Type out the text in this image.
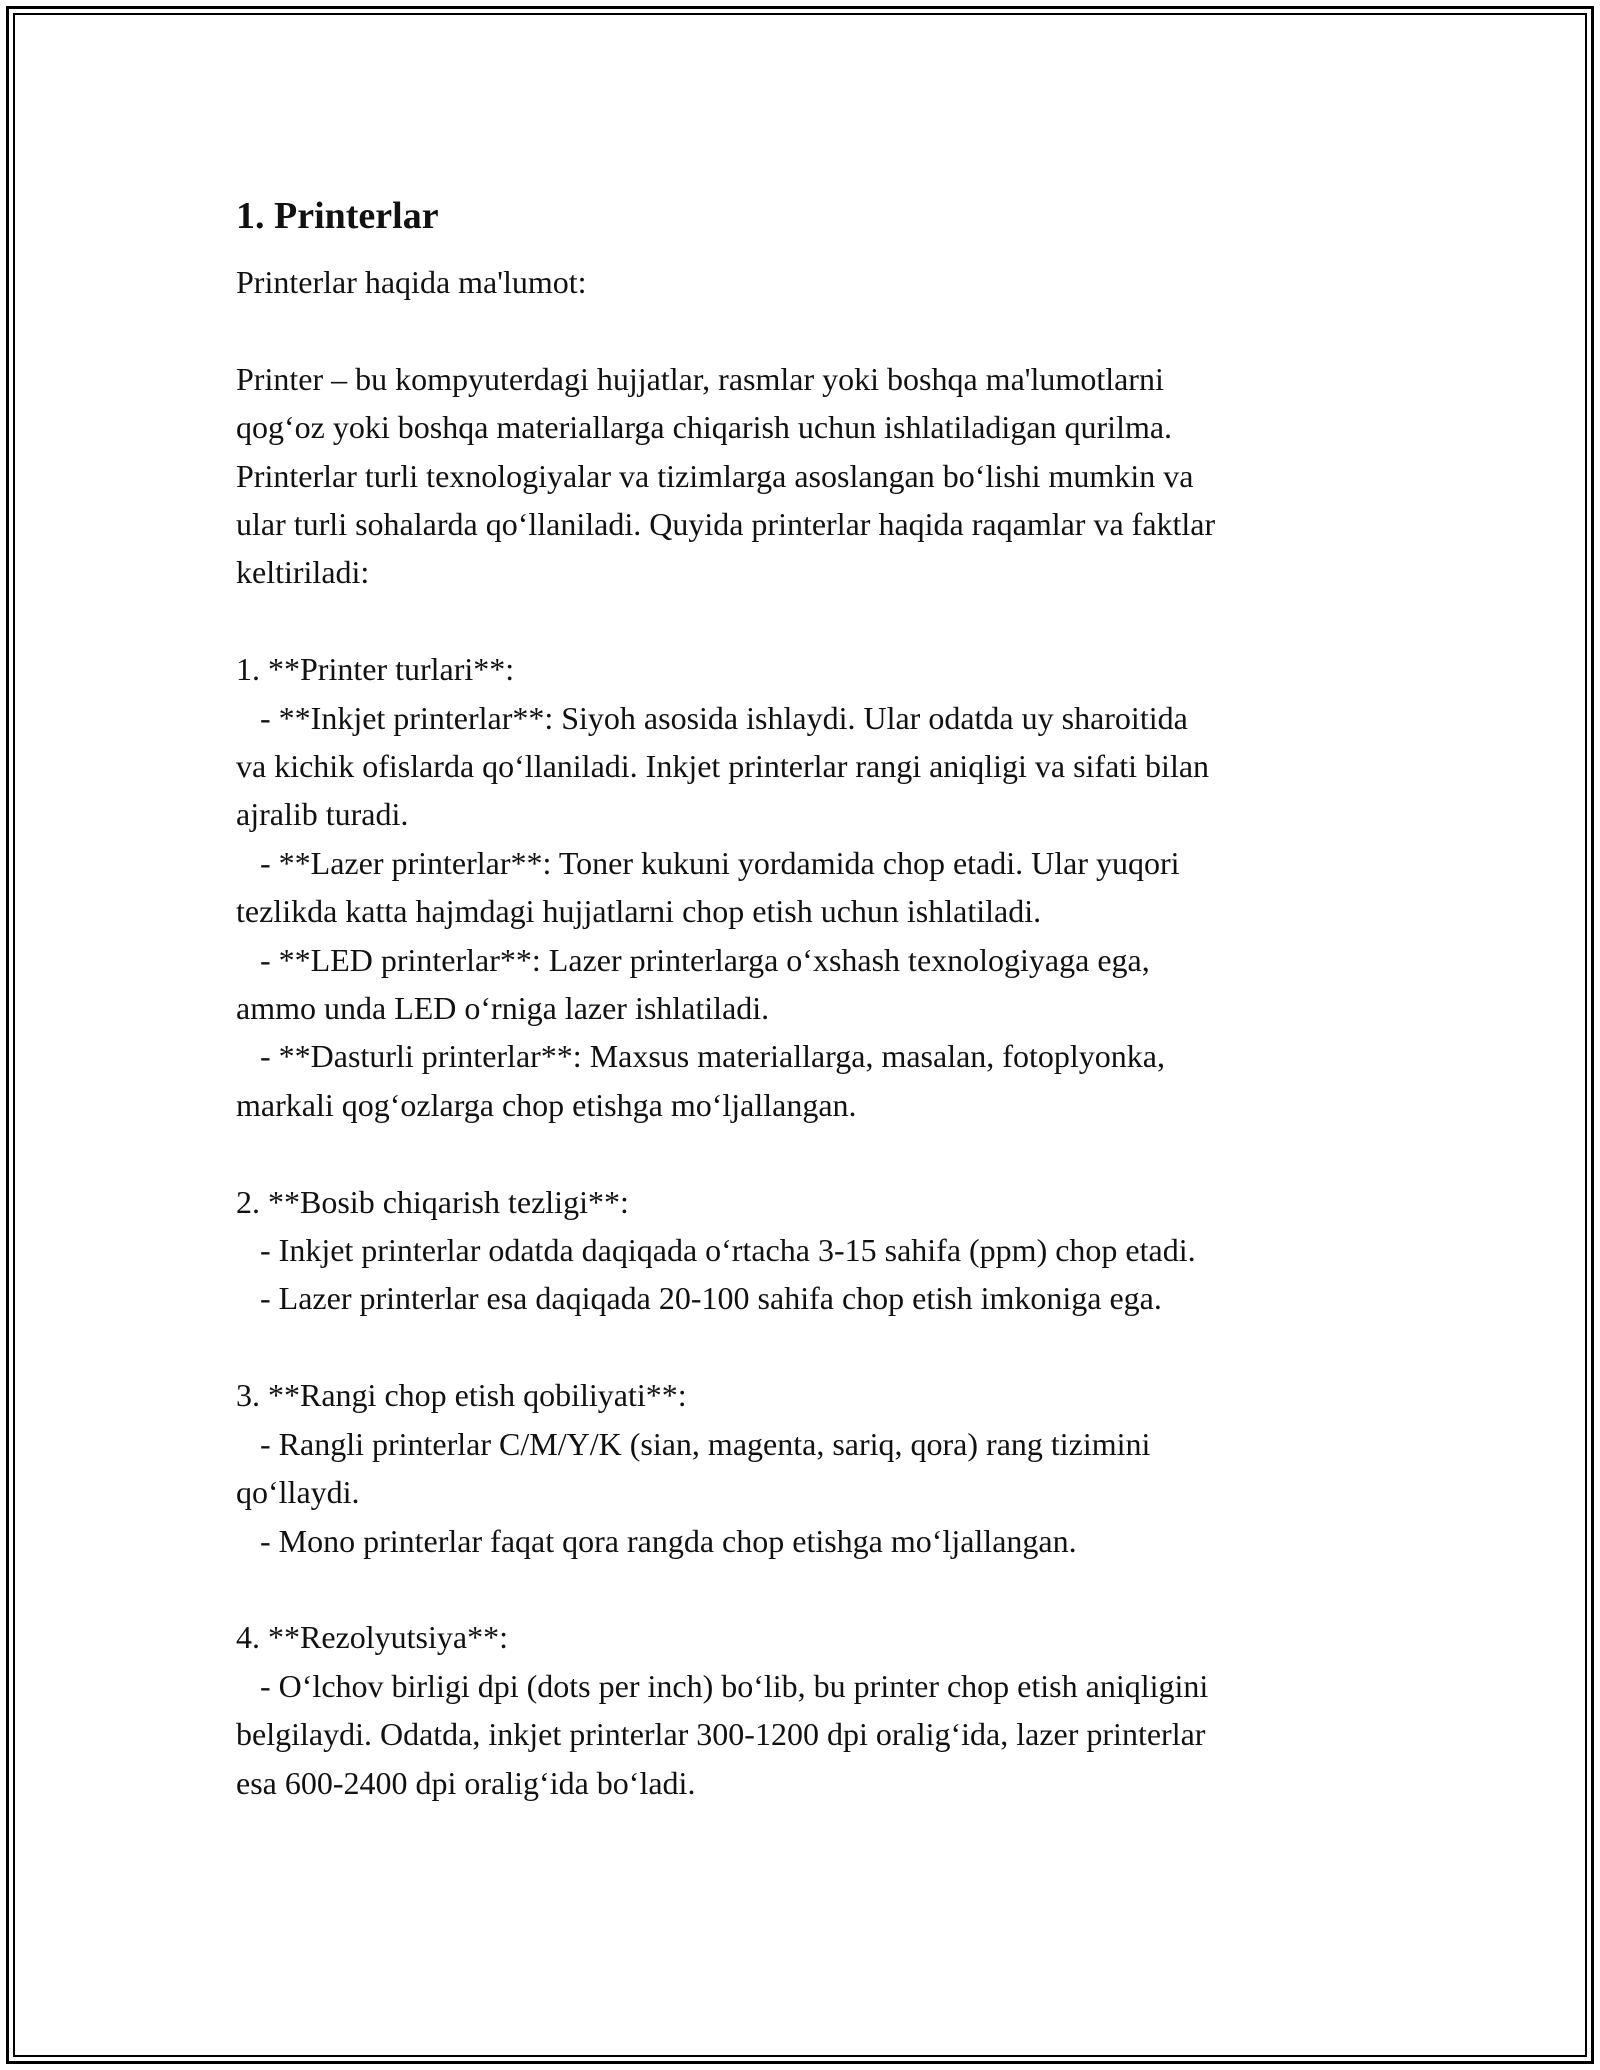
1. Printerlar

Printerlar haqida ma'lumot:

Printer – bu kompyuterdagi hujjatlar, rasmlar yoki boshqa ma'lumotlarni

qog‘oz yoki boshqa materiallarga chiqarish uchun ishlatiladigan qurilma.

Printerlar turli texnologiyalar va tizimlarga asoslangan bo‘lishi mumkin va

ular turli sohalarda qo‘llaniladi. Quyida printerlar haqida raqamlar va faktlar

keltiriladi:

1. **Printer turlari**:

- **Inkjet printerlar**: Siyoh asosida ishlaydi. Ular odatda uy sharoitida

va kichik ofislarda qo‘llaniladi. Inkjet printerlar rangi aniqligi va sifati bilan

ajralib turadi.

- **Lazer printerlar**: Toner kukuni yordamida chop etadi. Ular yuqori

tezlikda katta hajmdagi hujjatlarni chop etish uchun ishlatiladi.

- **LED printerlar**: Lazer printerlarga o‘xshash texnologiyaga ega,

ammo unda LED o‘rniga lazer ishlatiladi.

- **Dasturli printerlar**: Maxsus materiallarga, masalan, fotoplyonka,

markali qog‘ozlarga chop etishga mo‘ljallangan.

2. **Bosib chiqarish tezligi**:

- Inkjet printerlar odatda daqiqada o‘rtacha 3-15 sahifa (ppm) chop etadi.

- Lazer printerlar esa daqiqada 20-100 sahifa chop etish imkoniga ega.

3. **Rangi chop etish qobiliyati**:

- Rangli printerlar C/M/Y/K (sian, magenta, sariq, qora) rang tizimini

qo‘llaydi.

- Mono printerlar faqat qora rangda chop etishga mo‘ljallangan.

4. **Rezolyutsiya**:

- O‘lchov birligi dpi (dots per inch) bo‘lib, bu printer chop etish aniqligini

belgilaydi. Odatda, inkjet printerlar 300-1200 dpi oralig‘ida, lazer printerlar

esa 600-2400 dpi oralig‘ida bo‘ladi.
